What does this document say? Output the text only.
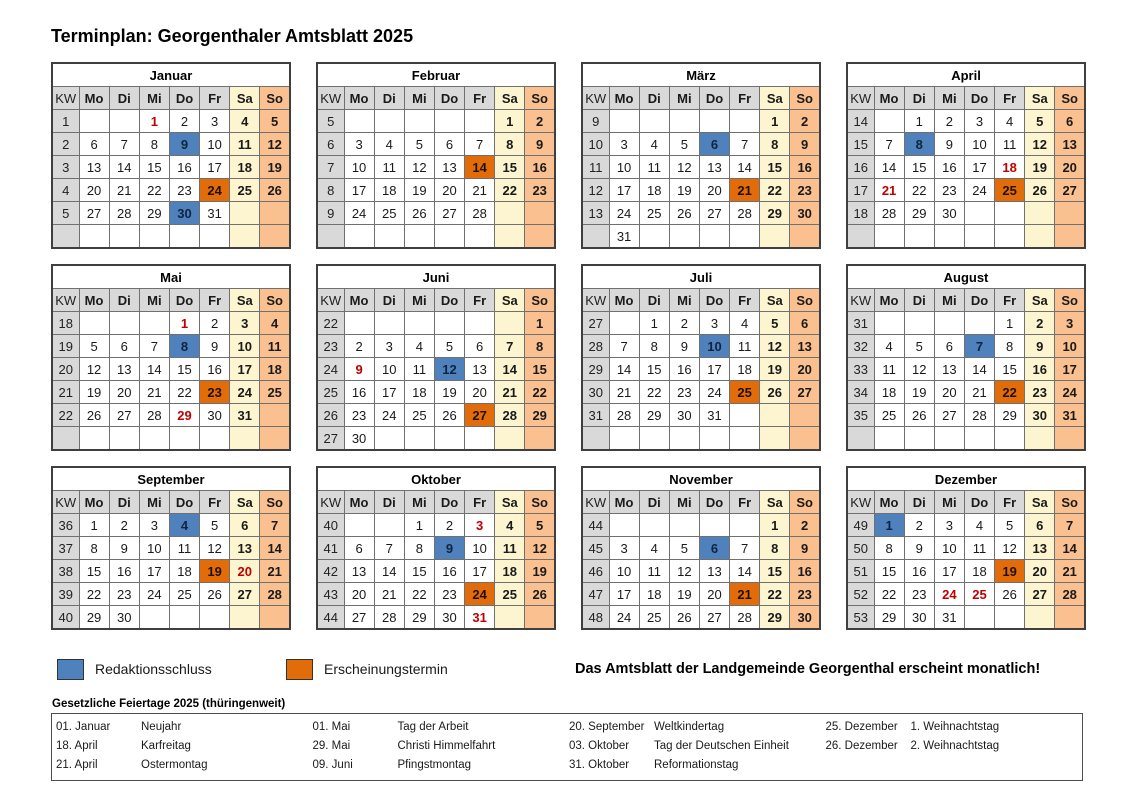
Terminplan: Georgenthaler Amtsblatt 2025
Januar							
KW	Mo	Di	Mi	Do	Fr	Sa	So
1			1	2	3	4	5
2	6	7	8	9	10	11	12
3	13	14	15	16	17	18	19
4	20	21	22	23	24	25	26
5	27	28	29	30	31		

Februar							
KW	Mo	Di	Mi	Do	Fr	Sa	So
5						1	2
6	3	4	5	6	7	8	9
7	10	11	12	13	14	15	16
8	17	18	19	20	21	22	23
9	24	25	26	27	28		

März							
KW	Mo	Di	Mi	Do	Fr	Sa	So
9						1	2
10	3	4	5	6	7	8	9
11	10	11	12	13	14	15	16
12	17	18	19	20	21	22	23
13	24	25	26	27	28	29	30
	31						
April							
KW	Mo	Di	Mi	Do	Fr	Sa	So
14		1	2	3	4	5	6
15	7	8	9	10	11	12	13
16	14	15	16	17	18	19	20
17	21	22	23	24	25	26	27
18	28	29	30				

Mai							
KW	Mo	Di	Mi	Do	Fr	Sa	So
18				1	2	3	4
19	5	6	7	8	9	10	11
20	12	13	14	15	16	17	18
21	19	20	21	22	23	24	25
22	26	27	28	29	30	31	

Juni							
KW	Mo	Di	Mi	Do	Fr	Sa	So
22							1
23	2	3	4	5	6	7	8
24	9	10	11	12	13	14	15
25	16	17	18	19	20	21	22
26	23	24	25	26	27	28	29
27	30						
Juli							
KW	Mo	Di	Mi	Do	Fr	Sa	So
27		1	2	3	4	5	6
28	7	8	9	10	11	12	13
29	14	15	16	17	18	19	20
30	21	22	23	24	25	26	27
31	28	29	30	31			

August							
KW	Mo	Di	Mi	Do	Fr	Sa	So
31					1	2	3
32	4	5	6	7	8	9	10
33	11	12	13	14	15	16	17
34	18	19	20	21	22	23	24
35	25	26	27	28	29	30	31

September							
KW	Mo	Di	Mi	Do	Fr	Sa	So
36	1	2	3	4	5	6	7
37	8	9	10	11	12	13	14
38	15	16	17	18	19	20	21
39	22	23	24	25	26	27	28
40	29	30					
Oktober							
KW	Mo	Di	Mi	Do	Fr	Sa	So
40			1	2	3	4	5
41	6	7	8	9	10	11	12
42	13	14	15	16	17	18	19
43	20	21	22	23	24	25	26
44	27	28	29	30	31		
November							
KW	Mo	Di	Mi	Do	Fr	Sa	So
44						1	2
45	3	4	5	6	7	8	9
46	10	11	12	13	14	15	16
47	17	18	19	20	21	22	23
48	24	25	26	27	28	29	30
Dezember							
KW	Mo	Di	Mi	Do	Fr	Sa	So
49	1	2	3	4	5	6	7
50	8	9	10	11	12	13	14
51	15	16	17	18	19	20	21
52	22	23	24	25	26	27	28
53	29	30	31				
Redaktionsschluss	Erscheinungstermin	Das Amtsblatt der Landgemeinde Georgenthal erscheint monatlich!
Gesetzliche Feiertage 2025 (thüringenweit)
01. Januar	Neujahr
18. April	Karfreitag
21. April	Ostermontag
01. Mai	Tag der Arbeit
29. Mai	Christi Himmelfahrt
09. Juni	Pfingstmontag
20. September Weltkindertag
03. Oktober	Tag der Deutschen Einheit
31. Oktober	Reformationstag
25. Dezember	1. Weihnachtstag
26. Dezember	2. Weihnachtstag
